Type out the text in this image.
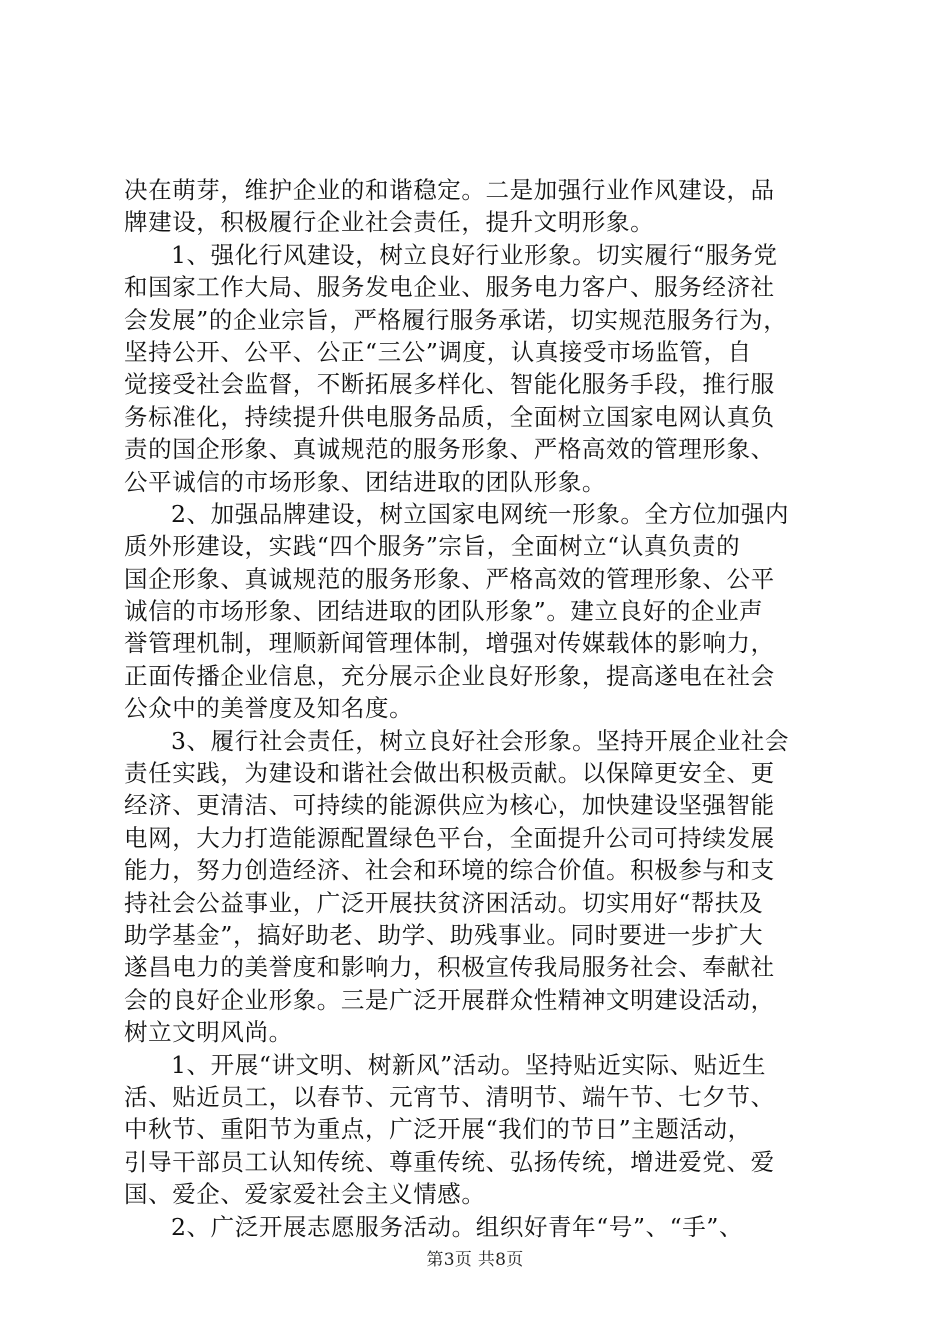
决在萌芽，维护企业的和谐稳定。二是加强行业作风建设，品
牌建设，积极履行企业社会责任，提升文明形象。
1、强化行风建设，树立良好行业形象。切实履行“服务党
和国家工作大局、服务发电企业、服务电力客户、服务经济社
会发展”的企业宗旨，严格履行服务承诺，切实规范服务行为，
坚持公开、公平、公正“三公”调度，认真接受市场监管，自
觉接受社会监督，不断拓展多样化、智能化服务手段，推行服
务标准化，持续提升供电服务品质，全面树立国家电网认真负
责的国企形象、真诚规范的服务形象、严格高效的管理形象、
公平诚信的市场形象、团结进取的团队形象。
2、加强品牌建设，树立国家电网统一形象。全方位加强内
质外形建设，实践“四个服务”宗旨，全面树立“认真负责的
国企形象、真诚规范的服务形象、严格高效的管理形象、公平
诚信的市场形象、团结进取的团队形象”。建立良好的企业声
誉管理机制，理顺新闻管理体制，增强对传媒载体的影响力，
正面传播企业信息，充分展示企业良好形象，提高遂电在社会
公众中的美誉度及知名度。
3、履行社会责任，树立良好社会形象。坚持开展企业社会
责任实践，为建设和谐社会做出积极贡献。以保障更安全、更
经济、更清洁、可持续的能源供应为核心，加快建设坚强智能
电网，大力打造能源配置绿色平台，全面提升公司可持续发展
能力，努力创造经济、社会和环境的综合价值。积极参与和支
持社会公益事业，广泛开展扶贫济困活动。切实用好“帮扶及
助学基金”，搞好助老、助学、助残事业。同时要进一步扩大
遂昌电力的美誉度和影响力，积极宣传我局服务社会、奉献社
会的良好企业形象。三是广泛开展群众性精神文明建设活动，
树立文明风尚。
1、开展“讲文明、树新风”活动。坚持贴近实际、贴近生
活、贴近员工，以春节、元宵节、清明节、端午节、七夕节、
中秋节、重阳节为重点，广泛开展“我们的节日”主题活动，
引导干部员工认知传统、尊重传统、弘扬传统，增进爱党、爱
国、爱企、爱家爱社会主义情感。
2、广泛开展志愿服务活动。组织好青年“号”、“手”、
第3页 共8页
